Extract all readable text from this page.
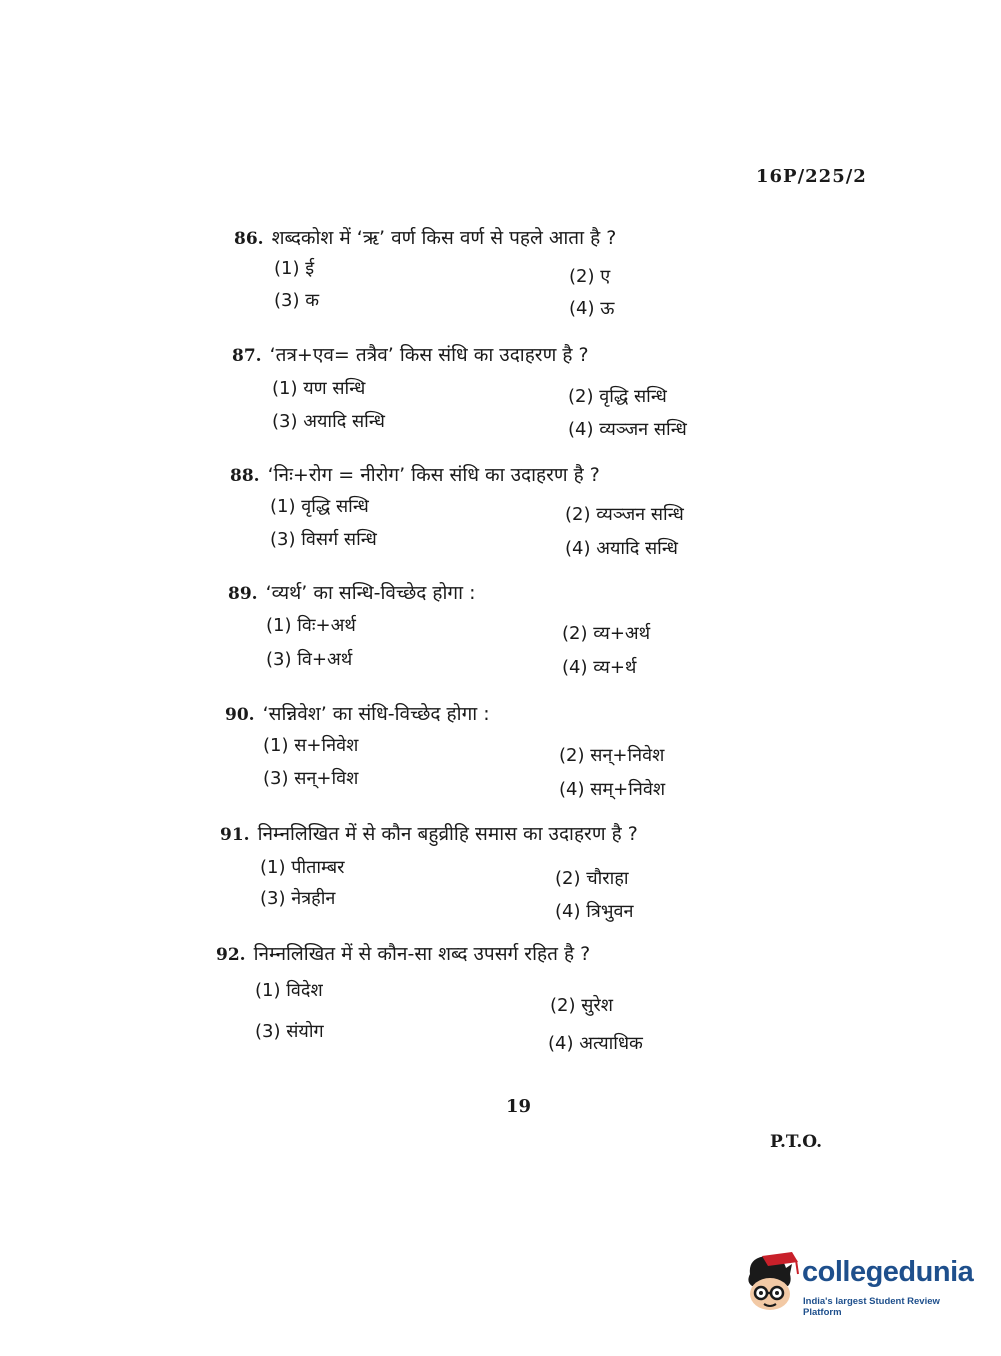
16P/225/2
86. शब्दकोश में ‘ऋ’ वर्ण किस वर्ण से पहले आता है ?
(1) ई	(2) ए
(3) क	(4) ऊ
87. ‘तत्र+एव= तत्रैव’ किस संधि का उदाहरण है ?
(1) यण सन्धि	(2) वृद्धि सन्धि
(3) अयादि सन्धि	(4) व्यञ्जन सन्धि
88. ‘निः+रोग = नीरोग’ किस संधि का उदाहरण है ?
(1) वृद्धि सन्धि	(2) व्यञ्जन सन्धि
(3) विसर्ग सन्धि	(4) अयादि सन्धि
89. ‘व्यर्थ’ का सन्धि-विच्छेद होगा :
(1) विः+अर्थ	(2) व्य+अर्थ
(3) वि+अर्थ	(4) व्य+र्थ
90. ‘सन्निवेश’ का संधि-विच्छेद होगा :
(1) स+निवेश	(2) सन्+निवेश
(3) सन्+विश
(4) सम्+निवेश
91. निम्नलिखित में से कौन बहुव्रीहि समास का उदाहरण है ?
(1) पीताम्बर
(2) चौराहा
(3) नेत्रहीन
(4) त्रिभुवन
92. निम्नलिखित में से कौन-सा शब्द उपसर्ग रहित है ?
(1) विदेश
(2) सुरेश
(3) संयोग
(4) अत्याधिक
19
P.T.O.
collegedunia
India's largest Student Review Platform
